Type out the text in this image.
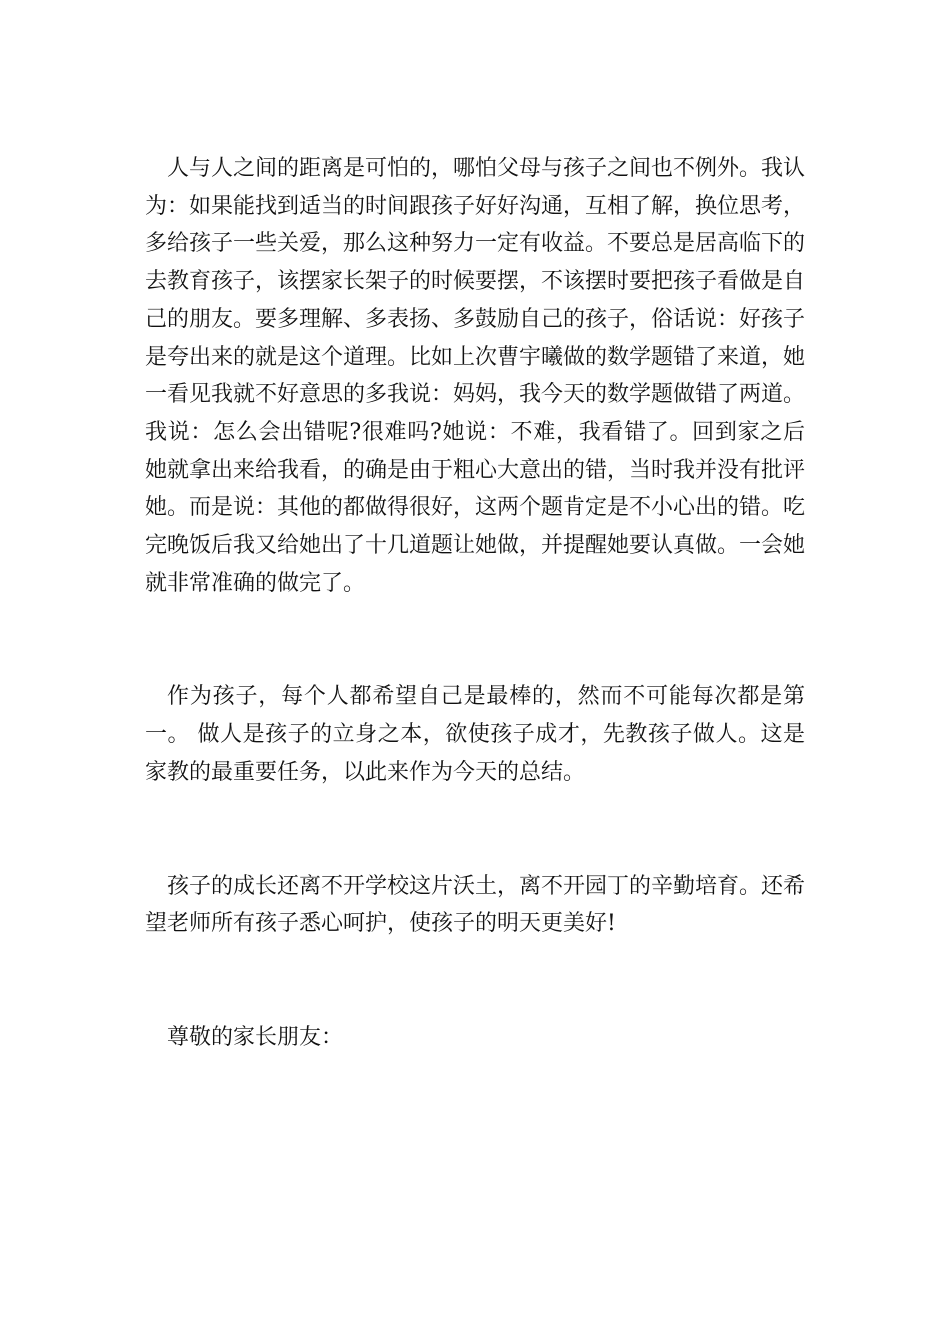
人与人之间的距离是可怕的，哪怕父母与孩子之间也不例外。我认为：如果能找到适当的时间跟孩子好好沟通，互相了解，换位思考，多给孩子一些关爱，那么这种努力一定有收益。不要总是居高临下的去教育孩子，该摆家长架子的时候要摆，不该摆时要把孩子看做是自己的朋友。要多理解、多表扬、多鼓励自己的孩子，俗话说：好孩子是夸出来的就是这个道理。比如上次曹宇曦做的数学题错了来道，她一看见我就不好意思的多我说：妈妈，我今天的数学题做错了两道。我说：怎么会出错呢?很难吗?她说：不难，我看错了。回到家之后她就拿出来给我看，的确是由于粗心大意出的错，当时我并没有批评她。而是说：其他的都做得很好，这两个题肯定是不小心出的错。吃完晚饭后我又给她出了十几道题让她做，并提醒她要认真做。一会她就非常准确的做完了。

作为孩子，每个人都希望自己是最棒的，然而不可能每次都是第一。 做人是孩子的立身之本，欲使孩子成才，先教孩子做人。这是家教的最重要任务，以此来作为今天的总结。

孩子的成长还离不开学校这片沃土，离不开园丁的辛勤培育。还希望老师所有孩子悉心呵护，使孩子的明天更美好!

尊敬的家长朋友：
